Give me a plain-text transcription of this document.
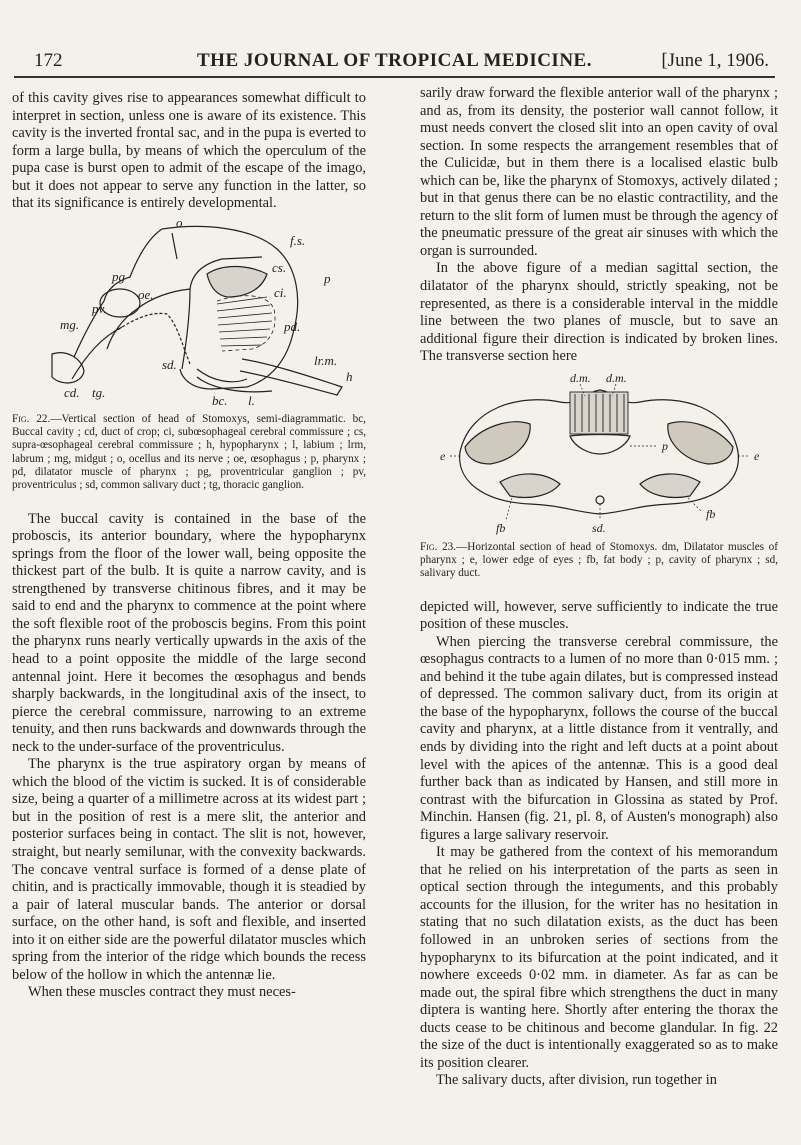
172	THE JOURNAL OF TROPICAL MEDICINE.	[June 1, 1906.

of this cavity gives rise to appearances somewhat difficult to interpret in section, unless one is aware of its existence. This cavity is the inverted frontal sac, and in the pupa is everted to form a large bulla, by means of which the operculum of the pupa case is burst open to admit of the escape of the imago, but it does not appear to serve any function in the latter, so that its significance is entirely developmental.

o
f.s.
cs.
p
ci.
pg
oe.
pv.
mg.	pd.
lr.m.
h
sd.
cd. tg.
bc. l.
Fig. 22.—Vertical section of head of Stomoxys, semi-diagrammatic. bc, Buccal cavity ; cd, duct of crop; ci, subœsophageal cerebral commissure ; cs, supra-œsophageal cerebral commissure ; h, hypopharynx ; l, labium ; lrm, labrum ; mg, midgut ; o, ocellus and its nerve ; oe, œsophagus ; p, pharynx ; pd, dilatator muscle of pharynx ; pg, proventricular ganglion ; pv, proventriculus ; sd, common salivary duct ; tg, thoracic ganglion.

The buccal cavity is contained in the base of the proboscis, its anterior boundary, where the hypopharynx springs from the floor of the lower wall, being opposite the thickest part of the bulb. It is quite a narrow cavity, and is strengthened by transverse chitinous fibres, and it may be said to end and the pharynx to commence at the point where the soft flexible root of the proboscis begins. From this point the pharynx runs nearly vertically upwards in the axis of the head to a point opposite the middle of the large second antennal joint. Here it becomes the œsophagus and bends sharply backwards, in the longitudinal axis of the insect, to pierce the cerebral commissure, narrowing to an extreme tenuity, and then runs backwards and downwards through the neck to the under-surface of the proventriculus.

The pharynx is the true aspiratory organ by means of which the blood of the victim is sucked. It is of considerable size, being a quarter of a millimetre across at its widest part ; but in the position of rest is a mere slit, the anterior and posterior surfaces being in contact. The slit is not, however, straight, but nearly semilunar, with the convexity backwards. The concave ventral surface is formed of a dense plate of chitin, and is practically immovable, though it is steadied by a pair of lateral muscular bands. The anterior or dorsal surface, on the other hand, is soft and flexible, and inserted into it on either side are the powerful dilatator muscles which spring from the interior of the ridge which bounds the recess below of the hollow in which the antennæ lie.

When these muscles contract they must neces-

sarily draw forward the flexible anterior wall of the pharynx ; and as, from its density, the posterior wall cannot follow, it must needs convert the closed slit into an open cavity of oval section. In some respects the arrangement resembles that of the Culicidæ, but in them there is a localised elastic bulb which can be, like the pharynx of Stomoxys, actively dilated ; but in that genus there can be no elastic contractility, and the return to the slit form of lumen must be through the agency of the pneumatic pressure of the great air sinuses with which the organ is surrounded.

In the above figure of a median sagittal section, the dilatator of the pharynx should, strictly speaking, not be represented, as there is a considerable interval in the middle line between the two planes of muscle, but to save an additional figure their direction is indicated by broken lines. The transverse section here

d.m. d.m.
p
e	e
fb
fb
sd.
Fig. 23.—Horizontal section of head of Stomoxys. dm, Dilatator muscles of pharynx ; e, lower edge of eyes ; fb, fat body ; p, cavity of pharynx ; sd, salivary duct.

depicted will, however, serve sufficiently to indicate the true position of these muscles.

When piercing the transverse cerebral commissure, the œsophagus contracts to a lumen of no more than 0·015 mm. ; and behind it the tube again dilates, but is compressed instead of depressed. The common salivary duct, from its origin at the base of the hypopharynx, follows the course of the buccal cavity and pharynx, at a little distance from it ventrally, and ends by dividing into the right and left ducts at a point about level with the apices of the antennæ. This is a good deal further back than as indicated by Hansen, and still more in contrast with the bifurcation in Glossina as stated by Prof. Minchin. Hansen (fig. 21, pl. 8, of Austen's monograph) also figures a large salivary reservoir.

It may be gathered from the context of his memorandum that he relied on his interpretation of the parts as seen in optical section through the integuments, and this probably accounts for the illusion, for the writer has no hesitation in stating that no such dilatation exists, as the duct has been followed in an unbroken series of sections from the hypopharynx to its bifurcation at the point indicated, and it nowhere exceeds 0·02 mm. in diameter. As far as can be made out, the spiral fibre which strengthens the duct in many diptera is wanting here. Shortly after entering the thorax the ducts cease to be chitinous and become glandular. In fig. 22 the size of the duct is intentionally exaggerated so as to make its position clearer.

The salivary ducts, after division, run together in
